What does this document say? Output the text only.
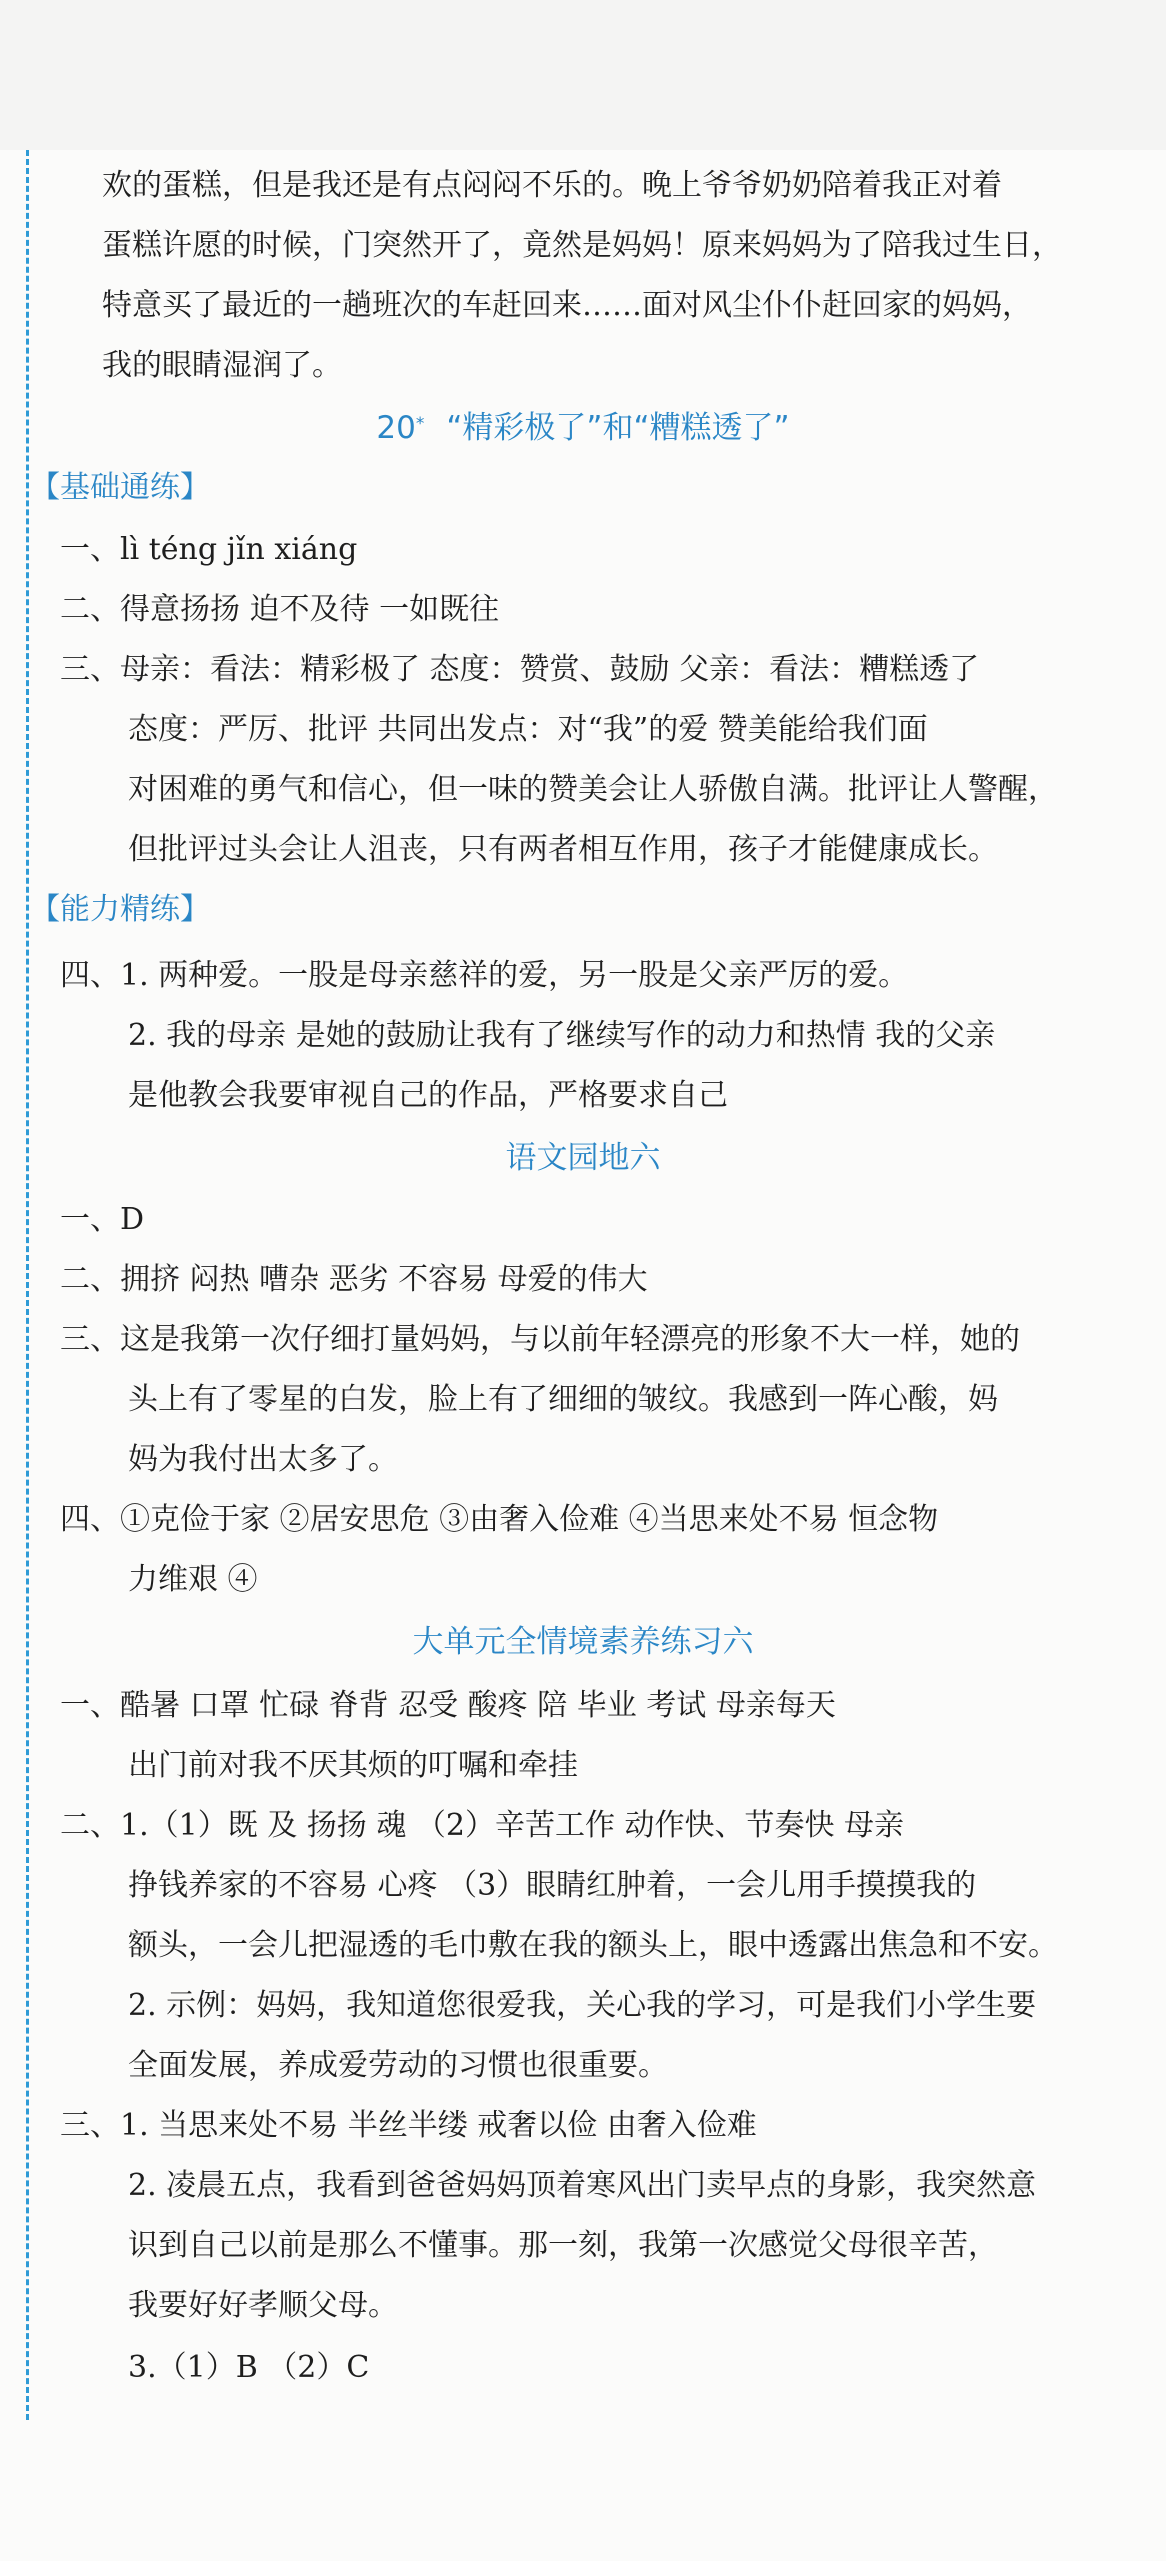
欢的蛋糕，但是我还是有点闷闷不乐的。晚上爷爷奶奶陪着我正对着
蛋糕许愿的时候，门突然开了，竟然是妈妈！原来妈妈为了陪我过生日，
特意买了最近的一趟班次的车赶回来……面对风尘仆仆赶回家的妈妈，
我的眼睛湿润了。
20* “精彩极了”和“糟糕透了”
【基础通练】
一、lì téng jǐn xiáng
二、得意扬扬 迫不及待 一如既往
三、母亲：看法：精彩极了 态度：赞赏、鼓励 父亲：看法：糟糕透了
态度：严厉、批评 共同出发点：对“我”的爱 赞美能给我们面
对困难的勇气和信心，但一味的赞美会让人骄傲自满。批评让人警醒，
但批评过头会让人沮丧，只有两者相互作用，孩子才能健康成长。
【能力精练】
四、1. 两种爱。一股是母亲慈祥的爱，另一股是父亲严厉的爱。
2. 我的母亲 是她的鼓励让我有了继续写作的动力和热情 我的父亲
是他教会我要审视自己的作品，严格要求自己
语文园地六
一、D
二、拥挤 闷热 嘈杂 恶劣 不容易 母爱的伟大
三、这是我第一次仔细打量妈妈，与以前年轻漂亮的形象不大一样，她的
头上有了零星的白发，脸上有了细细的皱纹。我感到一阵心酸，妈
妈为我付出太多了。
四、①克俭于家 ②居安思危 ③由奢入俭难 ④当思来处不易 恒念物
力维艰 ④
大单元全情境素养练习六
一、酷暑 口罩 忙碌 脊背 忍受 酸疼 陪 毕业 考试 母亲每天
出门前对我不厌其烦的叮嘱和牵挂
二、1.（1）既 及 扬扬 魂 （2）辛苦工作 动作快、节奏快 母亲
挣钱养家的不容易 心疼 （3）眼睛红肿着，一会儿用手摸摸我的
额头，一会儿把湿透的毛巾敷在我的额头上，眼中透露出焦急和不安。
2. 示例：妈妈，我知道您很爱我，关心我的学习，可是我们小学生要
全面发展，养成爱劳动的习惯也很重要。
三、1. 当思来处不易 半丝半缕 戒奢以俭 由奢入俭难
2. 凌晨五点，我看到爸爸妈妈顶着寒风出门卖早点的身影，我突然意
识到自己以前是那么不懂事。那一刻，我第一次感觉父母很辛苦，
我要好好孝顺父母。
3.（1）B （2）C
